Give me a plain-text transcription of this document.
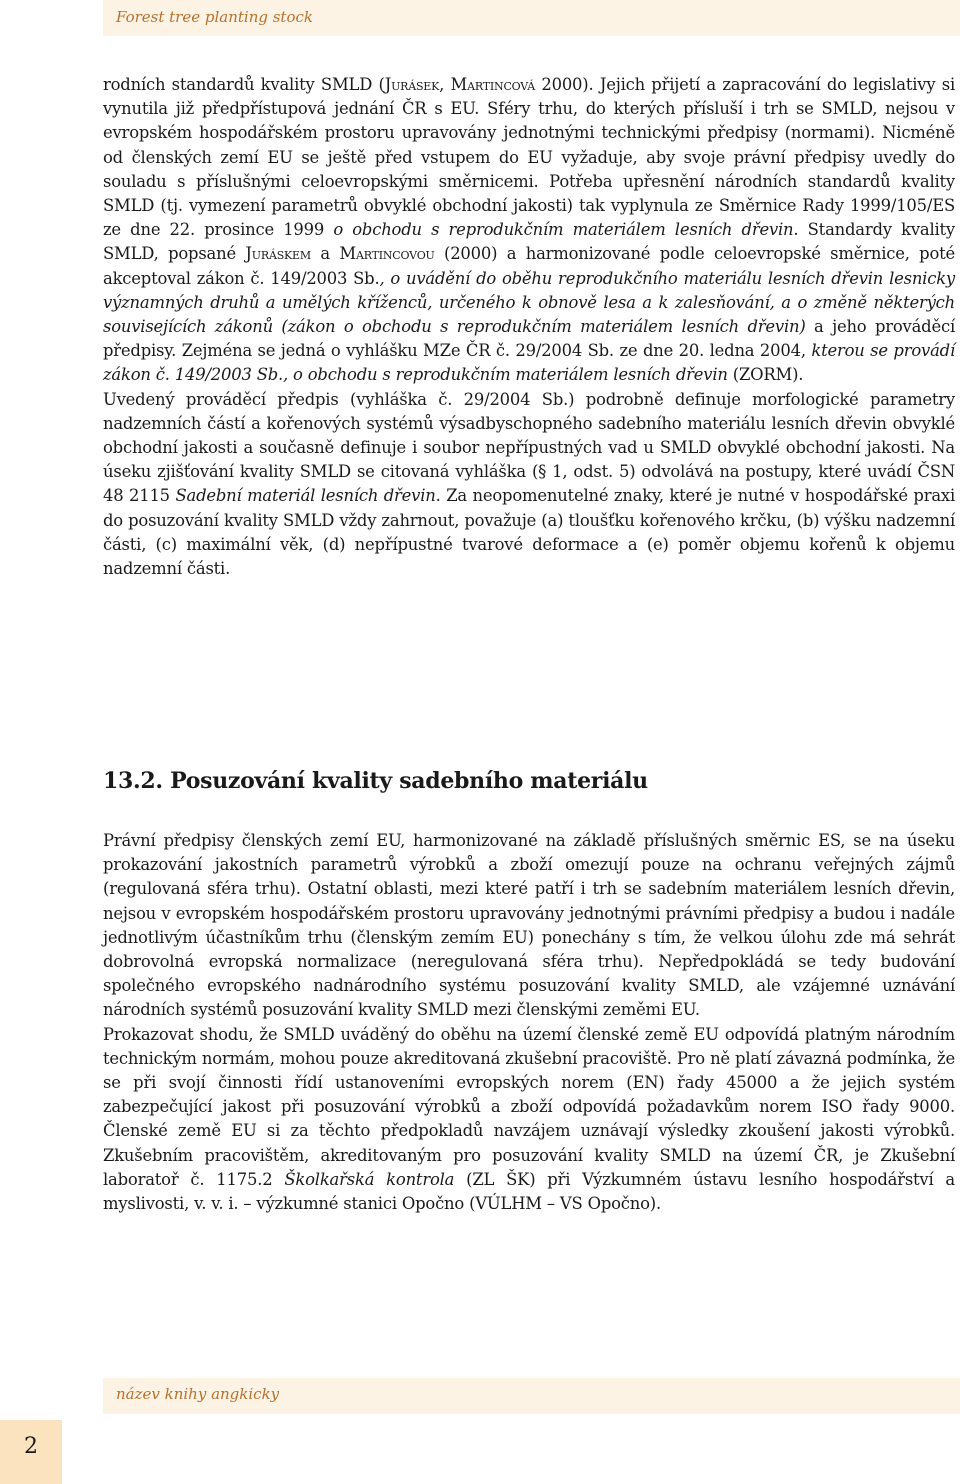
Forest tree planting stock

rodních standardů kvality SMLD (Jurásek, Martincová 2000). Jejich přijetí a zapracování do legislativy si vynutila již předpřístupová jednání ČR s EU. Sféry trhu, do kterých přísluší i trh se SMLD, nejsou v evropském hospodářském prostoru upravovány jednotnými technickými předpisy (normami). Nicméně od členských zemí EU se ještě před vstupem do EU vyžaduje, aby svoje právní předpisy uvedly do souladu s příslušnými celoevropskými směrnicemi. Potřeba upřesnění národních standardů kvality SMLD (tj. vymezení parametrů obvyklé obchodní jakosti) tak vyplynula ze Směrnice Rady 1999/105/ES ze dne 22. prosince 1999 o obchodu s reprodukčním materiálem lesních dřevin. Standardy kvality SMLD, popsané Juráskem a Martincovou (2000) a harmonizované podle celoevropské směrnice, poté akceptoval zákon č. 149/2003 Sb., o uvádění do oběhu reprodukčního materiálu lesních dřevin lesnicky významných druhů a umělých kříženců, určeného k obnově lesa a k zalesňování, a o změně některých souvisejících zákonů (zákon o obchodu s reprodukčním materiálem lesních dřevin) a jeho prováděcí předpisy. Zejména se jedná o vyhlášku MZe ČR č. 29/2004 Sb. ze dne 20. ledna 2004, kterou se provádí zákon č. 149/2003 Sb., o obchodu s reprodukčním materiálem lesních dřevin (ZORM).

Uvedený prováděcí předpis (vyhláška č. 29/2004 Sb.) podrobně definuje morfologické parametry nadzemních částí a kořenových systémů výsadbyschopného sadebního materiálu lesních dřevin obvyklé obchodní jakosti a současně definuje i soubor nepřípustných vad u SMLD obvyklé obchodní jakosti. Na úseku zjišťování kvality SMLD se citovaná vyhláška (§ 1, odst. 5) odvolává na postupy, které uvádí ČSN 48 2115 Sadební materiál lesních dřevin. Za neopomenutelné znaky, které je nutné v hospodářské praxi do posuzování kvality SMLD vždy zahrnout, považuje (a) tloušťku kořenového krčku, (b) výšku nadzemní části, (c) maximální věk, (d) nepřípustné tvarové deformace a (e) poměr objemu kořenů k objemu nadzemní části.

13.2. Posuzování kvality sadebního materiálu

Právní předpisy členských zemí EU, harmonizované na základě příslušných směrnic ES, se na úseku prokazování jakostních parametrů výrobků a zboží omezují pouze na ochranu veřejných zájmů (regulovaná sféra trhu). Ostatní oblasti, mezi které patří i trh se sadebním materiálem lesních dřevin, nejsou v evropském hospodářském prostoru upravovány jednotnými právními předpisy a budou i nadále jednotlivým účastníkům trhu (členským zemím EU) ponechány s tím, že velkou úlohu zde má sehrát dobrovolná evropská normalizace (neregulovaná sféra trhu). Nepředpokládá se tedy budování společného evropského nadnárodního systému posuzování kvality SMLD, ale vzájemné uznávání národních systémů posuzování kvality SMLD mezi členskými zeměmi EU.

Prokazovat shodu, že SMLD uváděný do oběhu na území členské země EU odpovídá platným národním technickým normám, mohou pouze akreditovaná zkušební pracoviště. Pro ně platí závazná podmínka, že se při svojí činnosti řídí ustanoveními evropských norem (EN) řady 45000 a že jejich systém zabezpečující jakost při posuzování výrobků a zboží odpovídá požadavkům norem ISO řady 9000. Členské země EU si za těchto předpokladů navzájem uznávají výsledky zkoušení jakosti výrobků. Zkušebním pracovištěm, akreditovaným pro posuzování kvality SMLD na území ČR, je Zkušební laboratoř č. 1175.2 Školkařská kontrola (ZL ŠK) při Výzkumném ústavu lesního hospodářství a myslivosti, v. v. i. – výzkumné stanici Opočno (VÚLHM – VS Opočno).

název knihy angkicky
2
